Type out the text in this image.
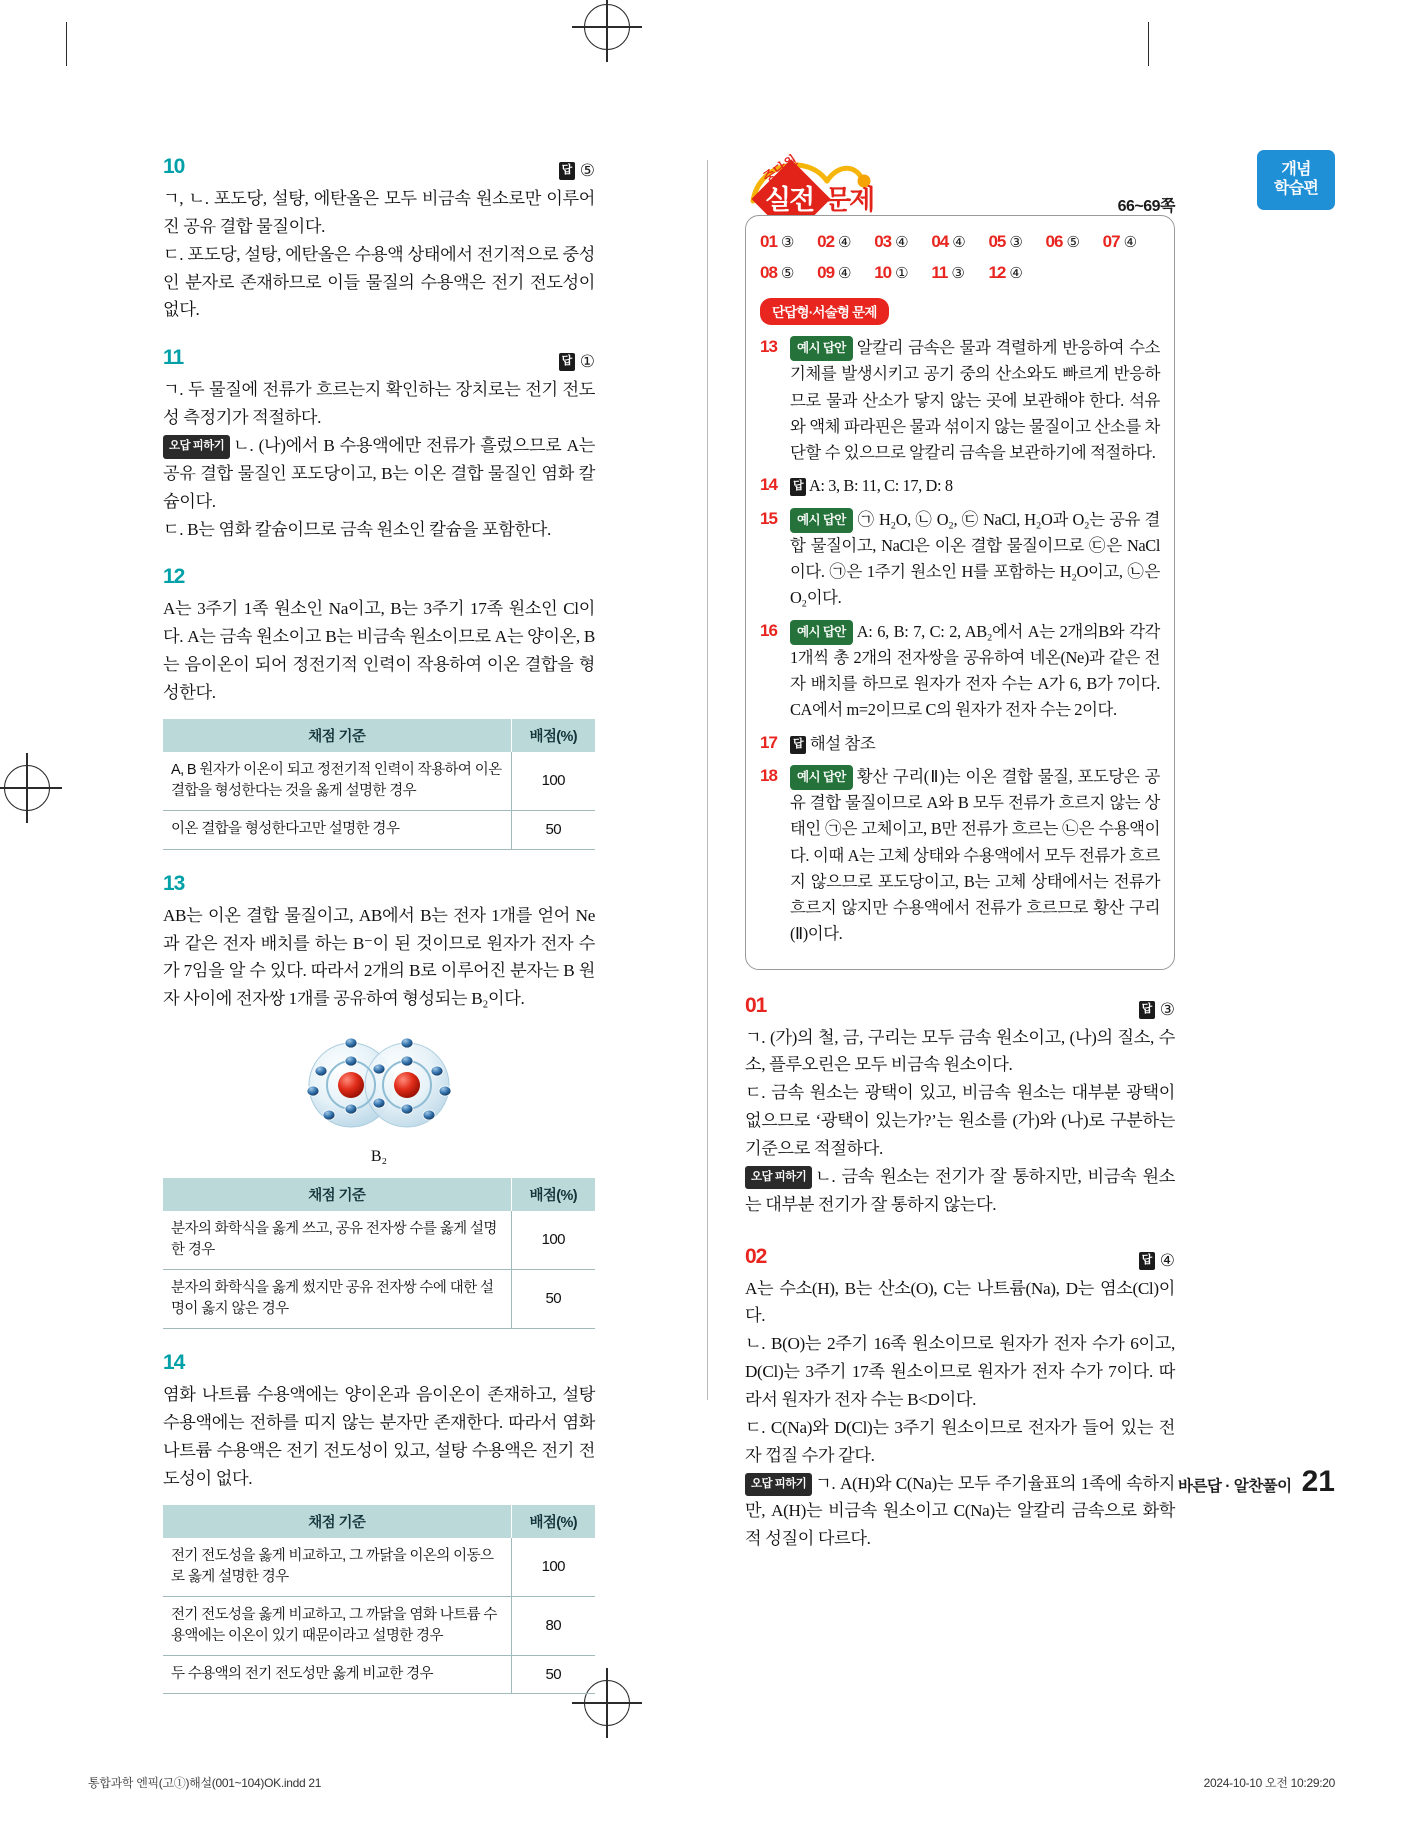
개념
학습편
10	답 ⑤

ㄱ, ㄴ. 포도당, 설탕, 에탄올은 모두 비금속 원소로만 이루어진 공유 결합 물질이다.

ㄷ. 포도당, 설탕, 에탄올은 수용액 상태에서 전기적으로 중성인 분자로 존재하므로 이들 물질의 수용액은 전기 전도성이 없다.

11	답 ①

ㄱ. 두 물질에 전류가 흐르는지 확인하는 장치로는 전기 전도성 측정기가 적절하다.

오답 피하기 ㄴ. (나)에서 B 수용액에만 전류가 흘렀으므로 A는 공유 결합 물질인 포도당이고, B는 이온 결합 물질인 염화 칼슘이다.

ㄷ. B는 염화 칼슘이므로 금속 원소인 칼슘을 포함한다.

12

A는 3주기 1족 원소인 Na이고, B는 3주기 17족 원소인 Cl이다. A는 금속 원소이고 B는 비금속 원소이므로 A는 양이온, B는 음이온이 되어 정전기적 인력이 작용하여 이온 결합을 형성한다.

채점 기준	배점(%)
A, B 원자가 이온이 되고 정전기적 인력이 작용하여 이온 결합을 형성한다는 것을 옳게 설명한 경우	100
이온 결합을 형성한다고만 설명한 경우	50
13

AB는 이온 결합 물질이고, AB에서 B는 전자 1개를 얻어 Ne과 같은 전자 배치를 하는 B⁻이 된 것이므로 원자가 전자 수가 7임을 알 수 있다. 따라서 2개의 B로 이루어진 분자는 B 원자 사이에 전자쌍 1개를 공유하여 형성되는 B₂이다.

B₂
채점 기준	배점(%)
분자의 화학식을 옳게 쓰고, 공유 전자쌍 수를 옳게 설명한 경우	100
분자의 화학식을 옳게 썼지만 공유 전자쌍 수에 대한 설명이 옳지 않은 경우	50
14

염화 나트륨 수용액에는 양이온과 음이온이 존재하고, 설탕 수용액에는 전하를 띠지 않는 분자만 존재한다. 따라서 염화 나트륨 수용액은 전기 전도성이 있고, 설탕 수용액은 전기 전도성이 없다.

채점 기준	배점(%)
전기 전도성을 옳게 비교하고, 그 까닭을 이온의 이동으로 옳게 설명한 경우	100
전기 전도성을 옳게 비교하고, 그 까닭을 염화 나트륨 수용액에는 이온이 있기 때문이라고 설명한 경우	80
두 수용액의 전기 전도성만 옳게 비교한 경우	50
중단원
실전 문제	66~69쪽
01 ③	02 ④	03 ④	04 ④	05 ③	06 ⑤	07 ④
08 ⑤	09 ④	10 ①	11 ③	12 ④
단답형·서술형 문제
13	예시 답안 알칼리 금속은 물과 격렬하게 반응하여 수소 기체를 발생시키고 공기 중의 산소와도 빠르게 반응하므로 물과 산소가 닿지 않는 곳에 보관해야 한다. 석유와 액체 파라핀은 물과 섞이지 않는 물질이고 산소를 차단할 수 있으므로 알칼리 금속을 보관하기에 적절하다.
14	답 A: 3, B: 11, C: 17, D: 8
15	예시 답안 ㉠ H₂O, ㉡ O₂, ㉢ NaCl, H₂O과 O₂는 공유 결합 물질이고, NaCl은 이온 결합 물질이므로 ㉢은 NaCl이다. ㉠은 1주기 원소인 H를 포함하는 H₂O이고, ㉡은 O₂이다.
16	예시 답안 A: 6, B: 7, C: 2, AB₂에서 A는 2개의B와 각각 1개씩 총 2개의 전자쌍을 공유하여 네온(Ne)과 같은 전자 배치를 하므로 원자가 전자 수는 A가 6, B가 7이다. CA에서 m=2이므로 C의 원자가 전자 수는 2이다.
17	답 해설 참조
18	예시 답안 황산 구리(Ⅱ)는 이온 결합 물질, 포도당은 공유 결합 물질이므로 A와 B 모두 전류가 흐르지 않는 상태인 ㉠은 고체이고, B만 전류가 흐르는 ㉡은 수용액이다. 이때 A는 고체 상태와 수용액에서 모두 전류가 흐르지 않으므로 포도당이고, B는 고체 상태에서는 전류가 흐르지 않지만 수용액에서 전류가 흐르므로 황산 구리(Ⅱ)이다.
01	답 ③

ㄱ. (가)의 철, 금, 구리는 모두 금속 원소이고, (나)의 질소, 수소, 플루오린은 모두 비금속 원소이다.

ㄷ. 금속 원소는 광택이 있고, 비금속 원소는 대부분 광택이 없으므로 ‘광택이 있는가?’는 원소를 (가)와 (나)로 구분하는 기준으로 적절하다.

오답 피하기 ㄴ. 금속 원소는 전기가 잘 통하지만, 비금속 원소는 대부분 전기가 잘 통하지 않는다.

02	답 ④

A는 수소(H), B는 산소(O), C는 나트륨(Na), D는 염소(Cl)이다.

ㄴ. B(O)는 2주기 16족 원소이므로 원자가 전자 수가 6이고, D(Cl)는 3주기 17족 원소이므로 원자가 전자 수가 7이다. 따라서 원자가 전자 수는 B<D이다.

ㄷ. C(Na)와 D(Cl)는 3주기 원소이므로 전자가 들어 있는 전자 껍질 수가 같다.

오답 피하기 ㄱ. A(H)와 C(Na)는 모두 주기율표의 1족에 속하지만, A(H)는 비금속 원소이고 C(Na)는 알칼리 금속으로 화학적 성질이 다르다.

바른답 · 알찬풀이 21
통합과학 엔픽(고①)해설(001~104)OK.indd 21	2024-10-10 오전 10:29:20
